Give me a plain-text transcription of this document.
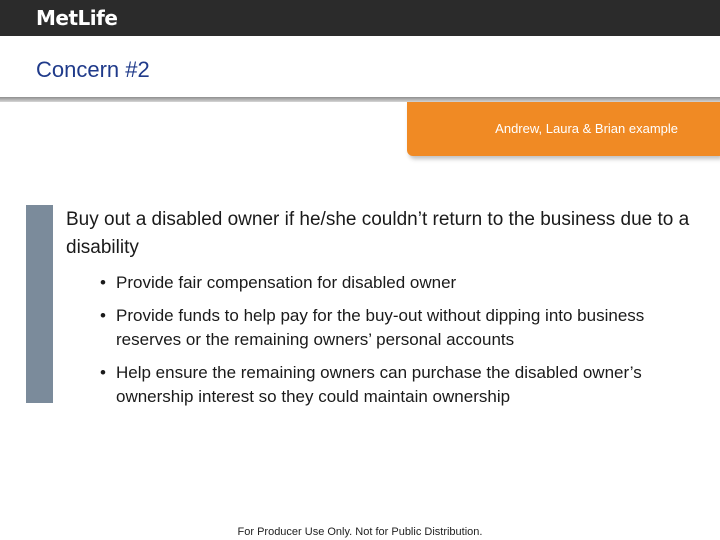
MetLife
Concern #2
Andrew, Laura & Brian example

Buy out a disabled owner if he/she couldn’t return to the business due to a disability

• Provide fair compensation for disabled owner
• Provide funds to help pay for the buy-out without dipping into business reserves or the remaining owners’ personal accounts
• Help ensure the remaining owners can purchase the disabled owner’s ownership interest so they could maintain ownership
For Producer Use Only. Not for Public Distribution.
